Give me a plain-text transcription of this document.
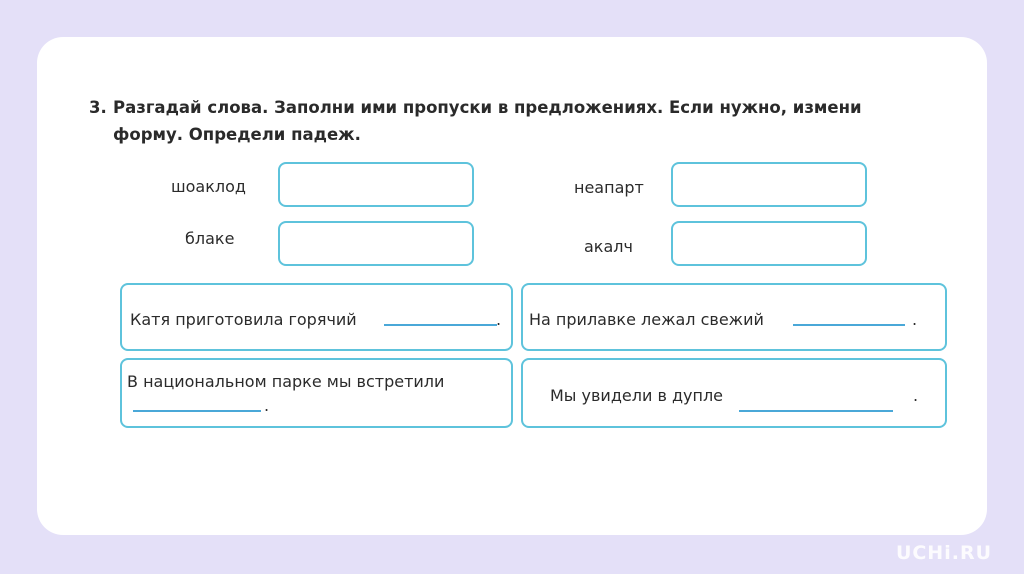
3. Разгадай слова. Заполни ими пропуски в предложениях. Если нужно, измени
форму. Определи падеж.
шоаклод	неапарт
блаке	акалч
Катя приготовила горячий	. На прилавке лежал свежий	.
В национальном парке мы встретили
.
Мы увидели в дупле	.
UCHi.RU
